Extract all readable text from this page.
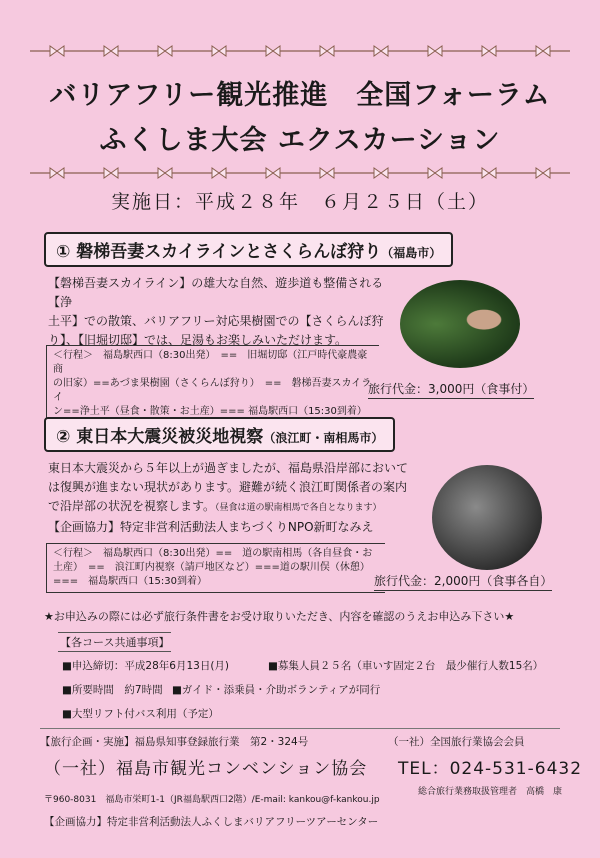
バリアフリー観光推進　全国フォーラム
ふくしま大会 エクスカーション
実施日：平成２８年　６月２５日（土）
① 磐梯吾妻スカイラインとさくらんぼ狩り（福島市）
【磐梯吾妻スカイライン】の雄大な自然、遊歩道も整備される【浄
土平】での散策、バリアフリー対応果樹園での【さくらんぼ狩
り】、【旧堀切邸】では、足湯もお楽しみいただけます。
＜行程＞　福島駅西口（8:30出発）　==　旧堀切邸（江戸時代豪農豪商
の旧家）==あづま果樹園（さくらんぼ狩り）　==　磐梯吾妻スカイライ
ン==浄土平（昼食・散策・お土産）=== 福島駅西口（15:30到着）
旅行代金：3,000円（食事付）
② 東日本大震災被災地視察（浪江町・南相馬市）
東日本大震災から５年以上が過ぎましたが、福島県沿岸部において
は復興が進まない現状があります。避難が続く浪江町関係者の案内
で沿岸部の状況を視察します。（昼食は道の駅南相馬で各自となります）
【企画協力】特定非営利活動法人まちづくりNPO新町なみえ
＜行程＞　福島駅西口（8:30出発）==　道の駅南相馬（各自昼食・お
土産）　==　浪江町内視察（請戸地区など）===道の駅川俣（休憩）
===　福島駅西口（15:30到着）	旅行代金：2,000円（食事各自）
★お申込みの際には必ず旅行条件書をお受け取りいただき、内容を確認のうえお申込み下さい★
【各コース共通事項】
■申込締切：平成28年6月13日(月)	■募集人員２５名（車いす固定２台　最少催行人数15名）
■所要時間　約7時間 ■ガイド・添乗員・介助ボランティアが同行
■大型リフト付バス利用（予定）
【旅行企画・実施】福島県知事登録旅行業　第2・324号	（一社）全国旅行業協会会員
（一社）福島市観光コンベンション協会 TEL：024-531-6432
総合旅行業務取扱管理者　高橋　康
〒960-8031　福島市栄町1-1（JR福島駅西口2階）/E-mail: kankou@f-kankou.jp
【企画協力】特定非営利活動法人ふくしまバリアフリーツアーセンター
